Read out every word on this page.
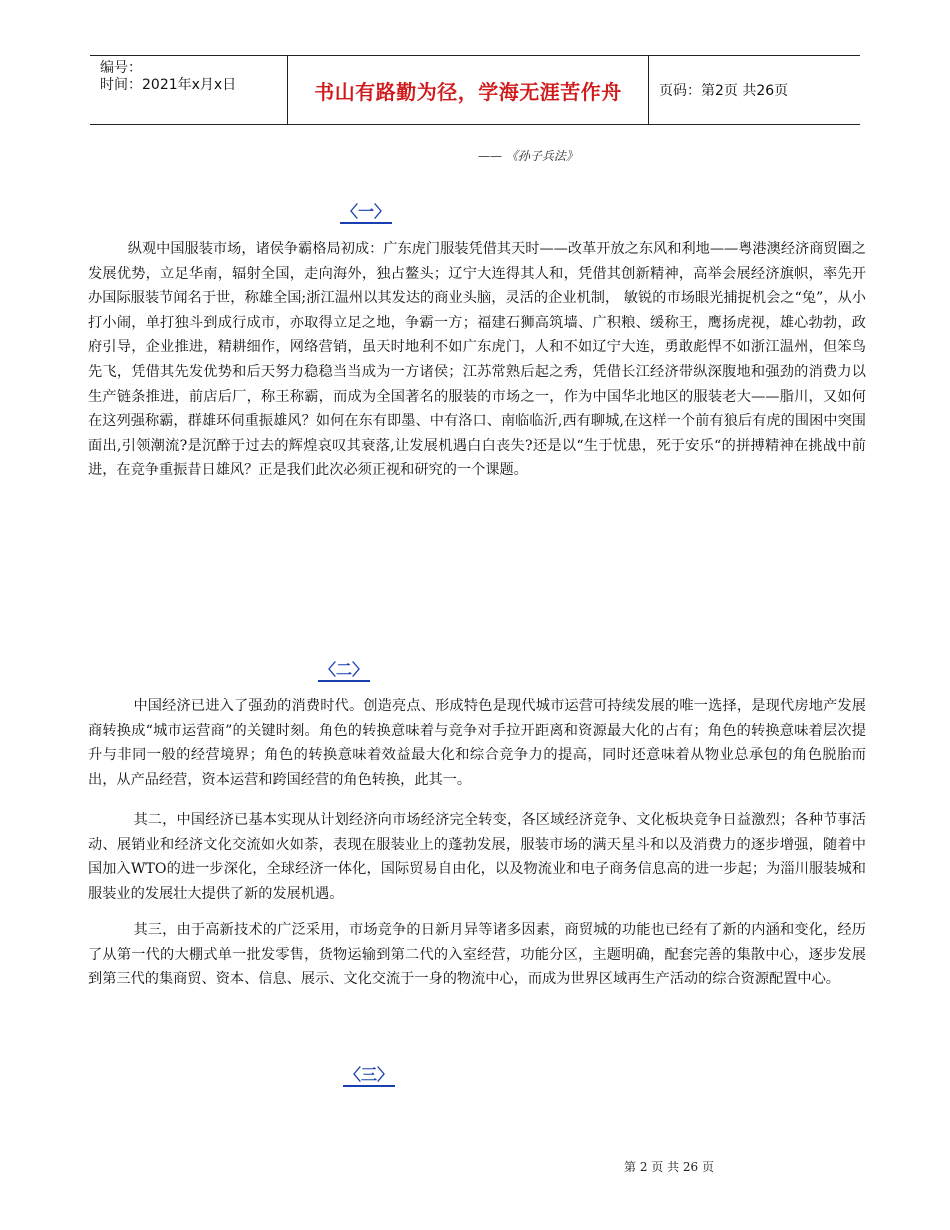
编号：
时间：2021年x月x日	书山有路勤为径，学海无涯苦作舟	页码：第2页 共26页
—— 《孙子兵法》
〈一〉

纵观中国服装市场，诸侯争霸格局初成：广东虎门服装凭借其天时——改革开放之东风和利地——粤港澳经济商贸圈之发展优势，立足华南，辐射全国，走向海外，独占鳌头；辽宁大连得其人和，凭借其创新精神，高举会展经济旗帜，率先开办国际服装节闻名于世，称雄全国;浙江温州以其发达的商业头脑，灵活的企业机制， 敏锐的市场眼光捕捉机会之“兔”，从小打小闹，单打独斗到成行成市，亦取得立足之地，争霸一方；福建石狮高筑墙、广积粮、缓称王，鹰扬虎视，雄心勃勃，政府引导，企业推进，精耕细作，网络营销，虽天时地利不如广东虎门，人和不如辽宁大连，勇敢彪悍不如浙江温州，但笨鸟先飞，凭借其先发优势和后天努力稳稳当当成为一方诸侯；江苏常熟后起之秀，凭借长江经济带纵深腹地和强劲的消费力以生产链条推进，前店后厂，称王称霸，而成为全国著名的服装的市场之一，作为中国华北地区的服装老大——脂川，又如何在这列强称霸，群雄环伺重振雄风？如何在东有即墨、中有洛口、南临临沂,西有聊城,在这样一个前有狼后有虎的围困中突围面出,引领潮流?是沉醉于过去的辉煌哀叹其衰落,让发展机遇白白丧失?还是以“生于忧患，死于安乐“的拼搏精神在挑战中前进，在竞争重振昔日雄风？正是我们此次必须正视和研究的一个课题。

〈二〉

中国经济已进入了强劲的消费时代。创造亮点、形成特色是现代城市运营可持续发展的唯一选择，是现代房地产发展商转换成“城市运营商”的关键时刻。角色的转换意味着与竞争对手拉开距离和资源最大化的占有；角色的转换意味着层次提升与非同一般的经营境界；角色的转换意味着效益最大化和综合竞争力的提高，同时还意味着从物业总承包的角色脱胎而出，从产品经营，资本运营和跨国经营的角色转换，此其一。

其二，中国经济已基本实现从计划经济向市场经济完全转变，各区域经济竞争、文化板块竞争日益激烈；各种节事活动、展销业和经济文化交流如火如荼，表现在服装业上的蓬勃发展，服装市场的满天星斗和以及消费力的逐步增强，随着中国加入WTO的进一步深化，全球经济一体化，国际贸易自由化，以及物流业和电子商务信息高的进一步起；为淄川服装城和服装业的发展壮大提供了新的发展机遇。

其三，由于高新技术的广泛采用，市场竞争的日新月异等诸多因素，商贸城的功能也已经有了新的内涵和变化，经历了从第一代的大棚式单一批发零售，货物运输到第二代的入室经营，功能分区，主题明确，配套完善的集散中心，逐步发展到第三代的集商贸、资本、信息、展示、文化交流于一身的物流中心，而成为世界区域再生产活动的综合资源配置中心。

〈三〉
第 2 页 共 26 页
